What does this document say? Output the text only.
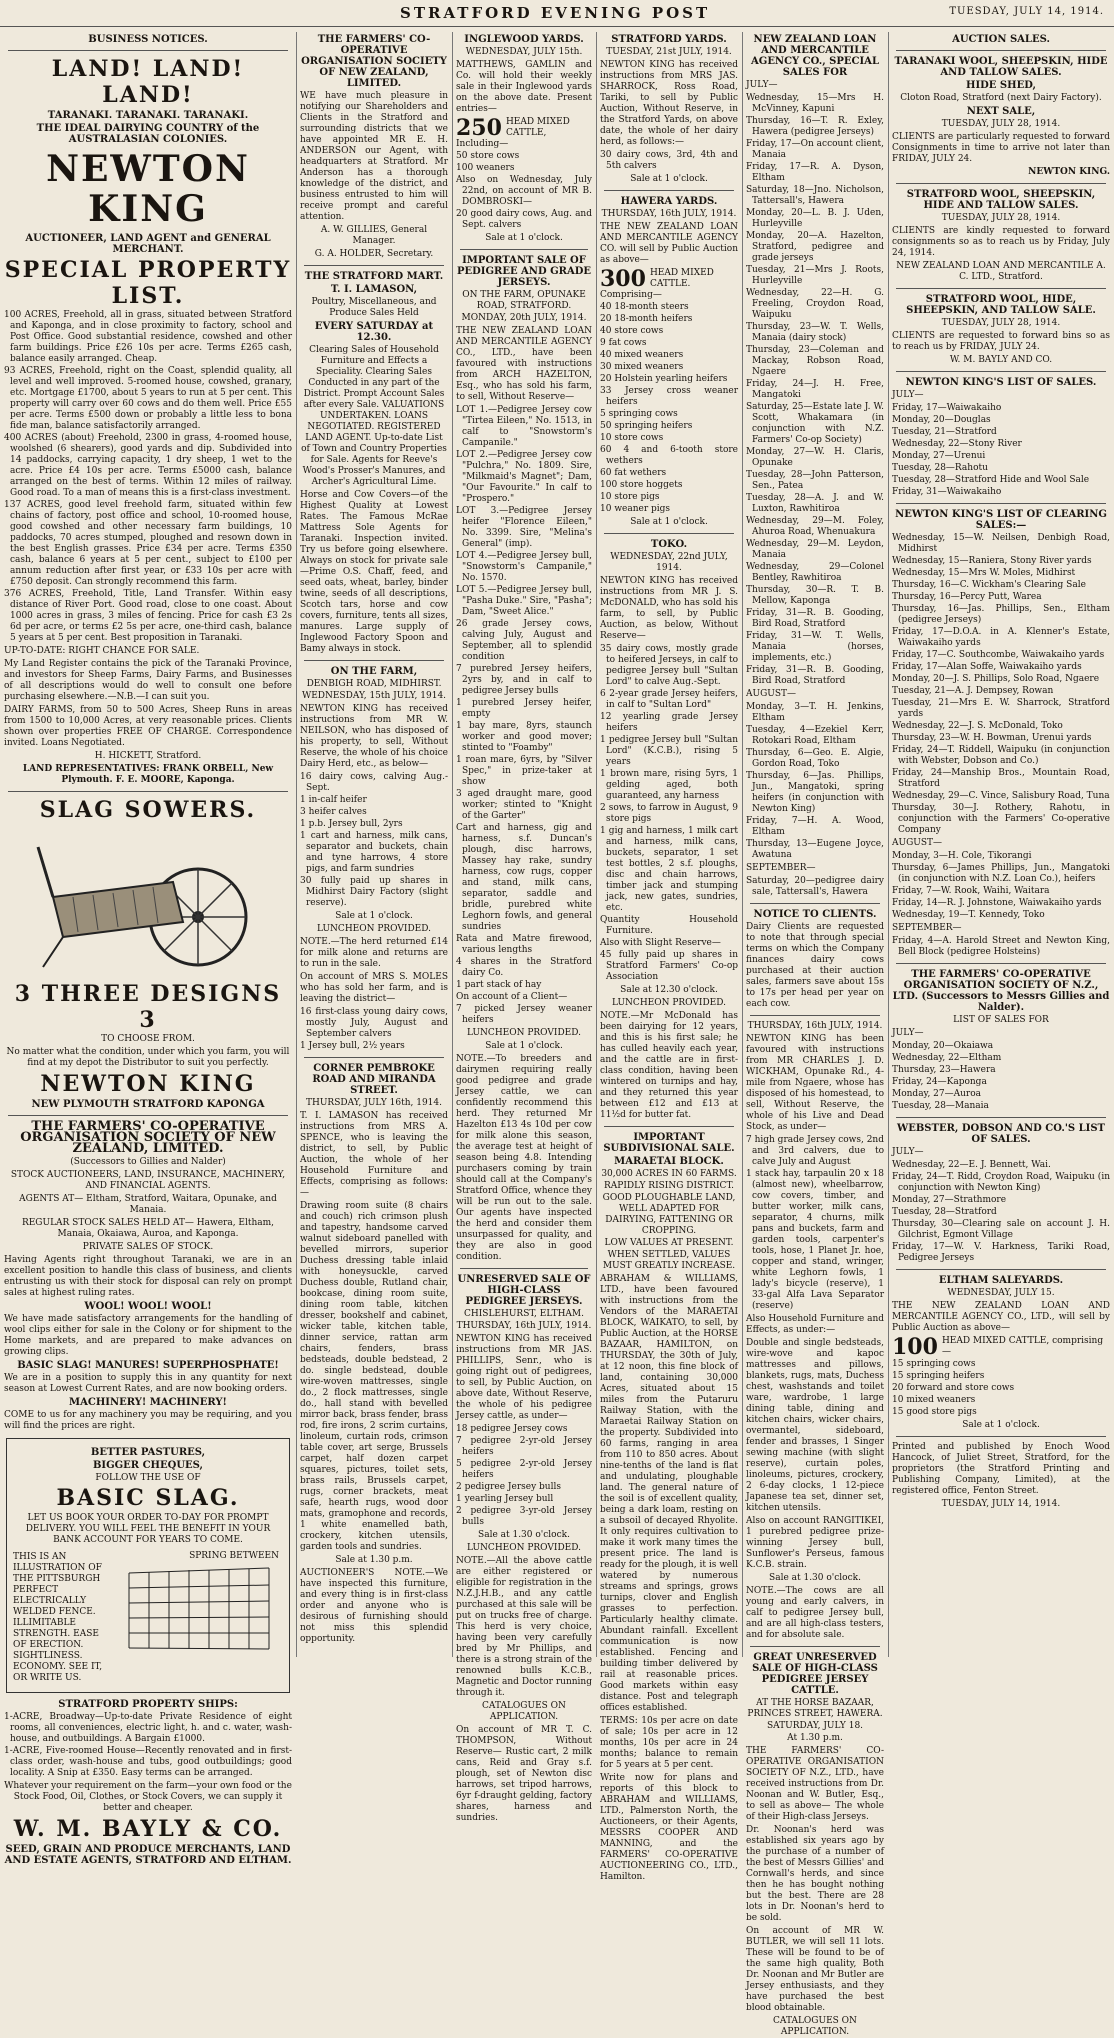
STRATFORD EVENING POST	TUESDAY, JULY 14, 1914.
BUSINESS NOTICES.
LAND! LAND! LAND!
TARANAKI. TARANAKI. TARANAKI.
THE IDEAL DAIRYING COUNTRY of the AUSTRALASIAN COLONIES.
NEWTON KING
AUCTIONEER, LAND AGENT and GENERAL MERCHANT.
SPECIAL PROPERTY LIST.

100 ACRES, Freehold, all in grass, situated between Stratford and Kaponga, and in close proximity to factory, school and Post Office. Good substantial residence, cowshed and other farm buildings. Price £26 10s per acre. Terms £265 cash, balance easily arranged. Cheap.

93 ACRES, Freehold, right on the Coast, splendid quality, all level and well improved. 5-roomed house, cowshed, granary, etc. Mortgage £1700, about 5 years to run at 5 per cent. This property will carry over 60 cows and do them well. Price £55 per acre. Terms £500 down or probably a little less to bona fide man, balance satisfactorily arranged.

400 ACRES (about) Freehold, 2300 in grass, 4-roomed house, woolshed (6 shearers), good yards and dip. Subdivided into 14 paddocks, carrying capacity, 1 dry sheep, 1 wet to the acre. Price £4 10s per acre. Terms £5000 cash, balance arranged on the best of terms. Within 12 miles of railway. Good road. To a man of means this is a first-class investment.

137 ACRES, good level freehold farm, situated within few chains of factory, post office and school, 10-roomed house, good cowshed and other necessary farm buildings, 10 paddocks, 70 acres stumped, ploughed and resown down in the best English grasses. Price £34 per acre. Terms £350 cash, balance 6 years at 5 per cent., subject to £100 per annum reduction after first year, or £33 10s per acre with £750 deposit. Can strongly recommend this farm.

376 ACRES, Freehold, Title, Land Transfer. Within easy distance of River Port. Good road, close to one coast. About 1000 acres in grass, 3 miles of fencing. Price for cash £3 2s 6d per acre, or terms £2 5s per acre, one-third cash, balance 5 years at 5 per cent. Best proposition in Taranaki.

UP-TO-DATE: RIGHT CHANCE FOR SALE.

My Land Register contains the pick of the Taranaki Province, and investors for Sheep Farms, Dairy Farms, and Businesses of all descriptions would do well to consult one before purchasing elsewhere.—N.B.—I can suit you.

DAIRY FARMS, from 50 to 500 Acres, Sheep Runs in areas from 1500 to 10,000 Acres, at very reasonable prices. Clients shown over properties FREE OF CHARGE. Correspondence invited. Loans Negotiated.

H. HICKETT, Stratford.

LAND REPRESENTATIVES: FRANK ORBELL, New Plymouth. F. E. MOORE, Kaponga.

SLAG SOWERS.
3 THREE DESIGNS 3
TO CHOOSE FROM.

No matter what the condition, under which you farm, you will find at my depot the Distributor to suit you perfectly.

NEWTON KING
NEW PLYMOUTH STRATFORD KAPONGA
THE FARMERS' CO-OPERATIVE ORGANISATION SOCIETY OF NEW ZEALAND, LIMITED.
(Successors to Gillies and Nalder)

STOCK AUCTIONEERS, LAND, INSURANCE, MACHINERY, AND FINANCIAL AGENTS.

AGENTS AT— Eltham, Stratford, Waitara, Opunake, and Manaia.

REGULAR STOCK SALES HELD AT— Hawera, Eltham, Manaia, Okaiawa, Auroa, and Kaponga.

PRIVATE SALES OF STOCK.

Having Agents right throughout Taranaki, we are in an excellent position to handle this class of business, and clients entrusting us with their stock for disposal can rely on prompt sales at highest ruling rates.

WOOL! WOOL! WOOL!

We have made satisfactory arrangements for the handling of wool clips either for sale in the Colony or for shipment to the Home markets, and are prepared to make advances on growing clips.

BASIC SLAG! MANURES! SUPERPHOSPHATE!

We are in a position to supply this in any quantity for next season at Lowest Current Rates, and are now booking orders.

MACHINERY! MACHINERY!

COME to us for any machinery you may be requiring, and you will find the prices are right.

BETTER PASTURES,
BIGGER CHEQUES,
FOLLOW THE USE OF
BASIC SLAG.

LET US BOOK YOUR ORDER TO-DAY FOR PROMPT DELIVERY. YOU WILL FEEL THE BENEFIT IN YOUR BANK ACCOUNT FOR YEARS TO COME.

THIS IS AN ILLUSTRATION OF THE PITTSBURGH PERFECT ELECTRICALLY WELDED FENCE. ILLIMITABLE STRENGTH. EASE OF ERECTION. SIGHTLINESS. ECONOMY. SEE IT, OR WRITE US.

SPRING BETWEEN
STRATFORD PROPERTY SHIPS:

1-ACRE, Broadway—Up-to-date Private Residence of eight rooms, all conveniences, electric light, h. and c. water, wash-house, and outbuildings. A Bargain £1000.

1-ACRE, Five-roomed House—Recently renovated and in first-class order, wash-house and tubs, good outbuildings; good locality. A Snip at £350. Easy terms can be arranged.

Whatever your requirement on the farm—your own food or the Stock Food, Oil, Clothes, or Stock Covers, we can supply it better and cheaper.

W. M. BAYLY & CO.
SEED, GRAIN AND PRODUCE MERCHANTS, LAND AND ESTATE AGENTS, STRATFORD AND ELTHAM.
THE FARMERS' CO-OPERATIVE ORGANISATION SOCIETY OF NEW ZEALAND, LIMITED.

WE have much pleasure in notifying our Shareholders and Clients in the Stratford and surrounding districts that we have appointed MR E. H. ANDERSON our Agent, with headquarters at Stratford. Mr Anderson has a thorough knowledge of the district, and business entrusted to him will receive prompt and careful attention.

A. W. GILLIES, General Manager.

G. A. HOLDER, Secretary.

THE STRATFORD MART.
T. I. LAMASON,
Poultry, Miscellaneous, and Produce Sales Held
EVERY SATURDAY at 12.30.

Clearing Sales of Household Furniture and Effects a Speciality. Clearing Sales Conducted in any part of the District. Prompt Account Sales after every Sale. VALUATIONS UNDERTAKEN. LOANS NEGOTIATED. REGISTERED LAND AGENT. Up-to-date List of Town and Country Properties for Sale. Agents for Reeve's Wood's Prosser's Manures, and Archer's Agricultural Lime.

Horse and Cow Covers—of the Highest Quality at Lowest Rates. The Famous McRae Mattress Sole Agents for Taranaki. Inspection invited. Try us before going elsewhere. Always on stock for private sale—Prime O.S. Chaff, feed, and seed oats, wheat, barley, binder twine, seeds of all descriptions, Scotch tars, horse and cow covers, furniture, tents all sizes, manures. Large supply of Inglewood Factory Spoon and Bamy always in stock.

ON THE FARM,
DENBIGH ROAD, MIDHIRST.
WEDNESDAY, 15th JULY, 1914.

NEWTON KING has received instructions from MR W. NEILSON, who has disposed of his property, to sell, Without Reserve, the whole of his choice Dairy Herd, etc., as below—

16 dairy cows, calving Aug.-Sept.

1 in-calf heifer

3 heifer calves

1 p.b. Jersey bull, 2yrs

1 cart and harness, milk cans, separator and buckets, chain and tyne harrows, 4 store pigs, and farm sundries

30 fully paid up shares in Midhirst Dairy Factory (slight reserve).

Sale at 1 o'clock.

LUNCHEON PROVIDED.

NOTE.—The herd returned £14 for milk alone and returns are to run in the sale.

On account of MRS S. MOLES who has sold her farm, and is leaving the district—

16 first-class young dairy cows, mostly July, August and September calvers

1 Jersey bull, 2½ years

CORNER PEMBROKE ROAD AND MIRANDA STREET.
THURSDAY, JULY 16th, 1914.

T. I. LAMASON has received instructions from MRS A. SPENCE, who is leaving the district, to sell, by Public Auction, the whole of her Household Furniture and Effects, comprising as follows:—

Drawing room suite (8 chairs and couch) rich crimson plush and tapestry, handsome carved walnut sideboard panelled with bevelled mirrors, superior Duchess dressing table inlaid with honeysuckle, carved Duchess double, Rutland chair, bookcase, dining room suite, dining room table, kitchen dresser, bookshelf and cabinet, wicker table, kitchen table, dinner service, rattan arm chairs, fenders, brass bedsteads, double bedstead, 2 do. single bedstead, double wire-woven mattresses, single do., 2 flock mattresses, single do., hall stand with bevelled mirror back, brass fender, brass rod, fire irons, 2 scrim curtains, linoleum, curtain rods, crimson table cover, art serge, Brussels carpet, half dozen carpet squares, pictures, toilet sets, brass rails, Brussels carpet, rugs, corner brackets, meat safe, hearth rugs, wood door mats, gramophone and records, 1 white enamelled bath, crockery, kitchen utensils, garden tools and sundries.

Sale at 1.30 p.m.

AUCTIONEER'S NOTE.—We have inspected this furniture, and every thing is in first-class order and anyone who is desirous of furnishing should not miss this splendid opportunity.

INGLEWOOD YARDS.
WEDNESDAY, JULY 15th.

MATTHEWS, GAMLIN and Co. will hold their weekly sale in their Inglewood yards on the above date. Present entries—

250 HEAD MIXED CATTLE, Including—

50 store cows

100 weaners

Also on Wednesday, July 22nd, on account of MR B. DOMBROSKI—

20 good dairy cows, Aug. and Sept. calvers

Sale at 1 o'clock.

IMPORTANT SALE OF PEDIGREE AND GRADE JERSEYS.
ON THE FARM, OPUNAKE ROAD, STRATFORD.
MONDAY, 20th JULY, 1914.

THE NEW ZEALAND LOAN AND MERCANTILE AGENCY CO., LTD., have been favoured with instructions from ARCH HAZELTON, Esq., who has sold his farm, to sell, Without Reserve—

LOT 1.—Pedigree Jersey cow "Tirtea Eileen," No. 1513, in calf to "Snowstorm's Campanile."

LOT 2.—Pedigree Jersey cow "Pulchra," No. 1809. Sire, "Milkmaid's Magnet"; Dam, "Our Favourite." In calf to "Prospero."

LOT 3.—Pedigree Jersey heifer "Florence Eileen," No. 3399. Sire, "Melina's General" (imp).

LOT 4.—Pedigree Jersey bull, "Snowstorm's Campanile," No. 1570.

LOT 5.—Pedigree Jersey bull, "Pasha Duke." Sire, "Pasha"; Dam, "Sweet Alice."

26 grade Jersey cows, calving July, August and September, all to splendid condition

7 purebred Jersey heifers, 2yrs by, and in calf to pedigree Jersey bulls

1 purebred Jersey heifer, empty

1 bay mare, 8yrs, staunch worker and good mover; stinted to "Foamby"

1 roan mare, 6yrs, by "Silver Spec," in prize-taker at show

3 aged draught mare, good worker; stinted to "Knight of the Garter"

Cart and harness, gig and harness, s.f. Duncan's plough, disc harrows, Massey hay rake, sundry harness, cow rugs, copper and stand, milk cans, separator, saddle and bridle, purebred white Leghorn fowls, and general sundries

Rata and Matre firewood, various lengths

4 shares in the Stratford dairy Co.

1 part stack of hay

On account of a Client—

7 picked Jersey weaner heifers

LUNCHEON PROVIDED.

Sale at 1 o'clock.

NOTE.—To breeders and dairymen requiring really good pedigree and grade Jersey cattle, we can confidently recommend this herd. They returned Mr Hazelton £13 4s 10d per cow for milk alone this season, the average test at height of season being 4.8. Intending purchasers coming by train should call at the Company's Stratford Office, whence they will be run out to the sale. Our agents have inspected the herd and consider them unsurpassed for quality, and they are also in good condition.

UNRESERVED SALE OF HIGH-CLASS PEDIGREE JERSEYS.
CHISLEHURST, ELTHAM.
THURSDAY, 16th JULY, 1914.

NEWTON KING has received instructions from MR JAS. PHILLIPS, Senr., who is going right out of pedigrees, to sell, by Public Auction, on above date, Without Reserve, the whole of his pedigree Jersey cattle, as under—

18 pedigree Jersey cows

7 pedigree 2-yr-old Jersey heifers

5 pedigree 2-yr-old Jersey heifers

2 pedigree Jersey bulls

1 yearling Jersey bull

2 pedigree 3-yr-old Jersey bulls

Sale at 1.30 o'clock.

LUNCHEON PROVIDED.

NOTE.—All the above cattle are either registered or eligible for registration in the N.Z.J.H.B., and any cattle purchased at this sale will be put on trucks free of charge. This herd is very choice, having been very carefully bred by Mr Phillips, and there is a strong strain of the renowned bulls K.C.B., Magnetic and Doctor running through it.

CATALOGUES ON APPLICATION.

On account of MR T. C. THOMPSON, Without Reserve— Rustic cart, 2 milk cans, Reid and Gray s.f. plough, set of Newton disc harrows, set tripod harrows, 6yr f-draught gelding, factory shares, harness and sundries.

STRATFORD YARDS.
TUESDAY, 21st JULY, 1914.

NEWTON KING has received instructions from MRS JAS. SHARROCK, Ross Road, Tariki, to sell by Public Auction, Without Reserve, in the Stratford Yards, on above date, the whole of her dairy herd, as follows:—

30 dairy cows, 3rd, 4th and 5th calvers

Sale at 1 o'clock.

HAWERA YARDS.
THURSDAY, 16th JULY, 1914.

THE NEW ZEALAND LOAN AND MERCANTILE AGENCY CO. will sell by Public Auction as above—

300 HEAD MIXED CATTLE. Comprising—

40 18-month steers

20 18-month heifers

40 store cows

9 fat cows

40 mixed weaners

30 mixed weaners

20 Holstein yearling heifers

33 Jersey cross weaner heifers

5 springing cows

50 springing heifers

10 store cows

60 4 and 6-tooth store wethers

60 fat wethers

100 store hoggets

10 store pigs

10 weaner pigs

Sale at 1 o'clock.

TOKO.
WEDNESDAY, 22nd JULY, 1914.

NEWTON KING has received instructions from MR J. S. McDONALD, who has sold his farm, to sell, by Public Auction, as below, Without Reserve—

35 dairy cows, mostly grade to heifered Jerseys, in calf to pedigree Jersey bull "Sultan Lord" to calve Aug.-Sept.

6 2-year grade Jersey heifers, in calf to "Sultan Lord"

12 yearling grade Jersey heifers

1 pedigree Jersey bull "Sultan Lord" (K.C.B.), rising 5 years

1 brown mare, rising 5yrs, 1 gelding aged, both guaranteed, any harness

2 sows, to farrow in August, 9 store pigs

1 gig and harness, 1 milk cart and harness, milk cans, buckets, separator, 1 set test bottles, 2 s.f. ploughs, disc and chain harrows, timber jack and stumping jack, new gates, sundries, etc.

Quantity Household Furniture.

Also with Slight Reserve—

45 fully paid up shares in Stratford Farmers' Co-op Association

Sale at 12.30 o'clock.

LUNCHEON PROVIDED.

NOTE.—Mr McDonald has been dairying for 12 years, and this is his first sale; he has culled heavily each year, and the cattle are in first-class condition, having been wintered on turnips and hay, and they returned this year between £12 and £13 at 11½d for butter fat.

IMPORTANT SUBDIVISIONAL SALE.
MARAETAI BLOCK.
30,000 ACRES IN 60 FARMS.
RAPIDLY RISING DISTRICT.
GOOD PLOUGHABLE LAND, WELL ADAPTED FOR DAIRYING, FATTENING OR CROPPING.
LOW VALUES AT PRESENT.
WHEN SETTLED, VALUES MUST GREATLY INCREASE.

ABRAHAM & WILLIAMS, LTD., have been favoured with instructions from the Vendors of the MARAETAI BLOCK, WAIKATO, to sell, by Public Auction, at the HORSE BAZAAR, HAMILTON, on THURSDAY, the 30th of July, at 12 noon, this fine block of land, containing 30,000 Acres, situated about 15 miles from the Putaruru Railway Station, with the Maraetai Railway Station on the property. Subdivided into 60 farms, ranging in area from 110 to 850 acres. About nine-tenths of the land is flat and undulating, ploughable land. The general nature of the soil is of excellent quality, being a dark loam, resting on a subsoil of decayed Rhyolite. It only requires cultivation to make it work many times the present price. The land is ready for the plough, it is well watered by numerous streams and springs, grows turnips, clover and English grasses to perfection. Particularly healthy climate. Abundant rainfall. Excellent communication is now established. Fencing and building timber delivered by rail at reasonable prices. Good markets within easy distance. Post and telegraph offices established.

TERMS: 10s per acre on date of sale; 10s per acre in 12 months, 10s per acre in 24 months; balance to remain for 5 years at 5 per cent.

Write now for plans and reports of this block to ABRAHAM and WILLIAMS, LTD., Palmerston North, the Auctioneers, or their Agents, MESSRS COOPER AND MANNING, and the FARMERS' CO-OPERATIVE AUCTIONEERING CO., LTD., Hamilton.

NEW ZEALAND LOAN AND MERCANTILE AGENCY CO., SPECIAL SALES FOR

JULY—

Wednesday, 15—Mrs H. McVinney, Kapuni

Thursday, 16—T. R. Exley, Hawera (pedigree Jerseys)

Friday, 17—On account client, Manaia

Friday, 17—R. A. Dyson, Eltham

Saturday, 18—Jno. Nicholson, Tattersall's, Hawera

Monday, 20—L. B. J. Uden, Hurleyville

Monday, 20—A. Hazelton, Stratford, pedigree and grade jerseys

Tuesday, 21—Mrs J. Roots, Hurleyville

Wednesday, 22—H. G. Freeling, Croydon Road, Waipuku

Thursday, 23—W. T. Wells, Manaia (dairy stock)

Thursday, 23—Coleman and Mackay, Robson Road, Ngaere

Friday, 24—J. H. Free, Mangatoki

Saturday, 25—Estate late J. W. Scott, Whakamara (in conjunction with N.Z. Farmers' Co-op Society)

Monday, 27—W. H. Claris, Opunake

Tuesday, 28—John Patterson, Sen., Patea

Tuesday, 28—A. J. and W. Luxton, Rawhitiroa

Wednesday, 29—M. Foley, Ahuroa Road, Whenuakura

Wednesday, 29—M. Leydon, Manaia

Wednesday, 29—Colonel Bentley, Rawhitiroa

Thursday, 30—R. T. B. Mellow, Kaponga

Friday, 31—R. B. Gooding, Bird Road, Stratford

Friday, 31—W. T. Wells, Manaia (horses, implements, etc.)

Friday, 31—R. B. Gooding, Bird Road, Stratford

AUGUST—

Monday, 3—T. H. Jenkins, Eltham

Tuesday, 4—Ezekiel Kerr, Rotokari Road, Eltham

Thursday, 6—Geo. E. Algie, Gordon Road, Toko

Thursday, 6—Jas. Phillips, Jun., Mangatoki, spring heifers (in conjunction with Newton King)

Friday, 7—H. A. Wood, Eltham

Thursday, 13—Eugene Joyce, Awatuna

SEPTEMBER—

Saturday, 20—pedigree dairy sale, Tattersall's, Hawera

NOTICE TO CLIENTS.

Dairy Clients are requested to note that through special terms on which the Company finances dairy cows purchased at their auction sales, farmers save about 15s to 17s per head per year on each cow.

THURSDAY, 16th JULY, 1914.

NEWTON KING has been favoured with instructions from MR CHARLES J. D. WICKHAM, Opunake Rd., 4-mile from Ngaere, whose has disposed of his homestead, to sell, Without Reserve, the whole of his Live and Dead Stock, as under—

7 high grade Jersey cows, 2nd and 3rd calvers, due to calve July and August

1 stack hay, tarpaulin 20 x 18 (almost new), wheelbarrow, cow covers, timber, and butter worker, milk cans, separator, 4 churns, milk pans and buckets, farm and garden tools, carpenter's tools, hose, 1 Planet Jr. hoe, copper and stand, wringer, white Leghorn fowls, 1 lady's bicycle (reserve), 1 33-gal Alfa Lava Separator (reserve)

Also Household Furniture and Effects, as under:—

Double and single bedsteads, wire-wove and kapoc mattresses and pillows, blankets, rugs, mats, Duchess chest, washstands and toilet ware, wardrobe, 1 large dining table, dining and kitchen chairs, wicker chairs, overmantel, sideboard, fender and brasses, 1 Singer sewing machine (with slight reserve), curtain poles, linoleums, pictures, crockery, 2 6-day clocks, 1 12-piece Japanese tea set, dinner set, kitchen utensils.

Also on account RANGITIKEI, 1 purebred pedigree prize-winning Jersey bull, Sunflower's Perseus, famous K.C.B. strain.

Sale at 1.30 o'clock.

NOTE.—The cows are all young and early calvers, in calf to pedigree Jersey bull, and are all high-class testers, and for absolute sale.

GREAT UNRESERVED SALE OF HIGH-CLASS PEDIGREE JERSEY CATTLE.
AT THE HORSE BAZAAR, PRINCES STREET, HAWERA.
SATURDAY, JULY 18.
At 1.30 p.m.

THE FARMERS' CO-OPERATIVE ORGANISATION SOCIETY OF N.Z., LTD., have received instructions from Dr. Noonan and W. Butler, Esq., to sell as above— The whole of their High-class Jerseys.

Dr. Noonan's herd was established six years ago by the purchase of a number of the best of Messrs Gillies' and Cornwall's herds, and since then he has bought nothing but the best. There are 28 lots in Dr. Noonan's herd to be sold.

On account of MR W. BUTLER, we will sell 11 lots. These will be found to be of the same high quality, Both Dr. Noonan and Mr Butler are Jersey enthusiasts, and they have purchased the best blood obtainable.

CATALOGUES ON APPLICATION.

AUCTION SALES.
TARANAKI WOOL, SHEEPSKIN, HIDE AND TALLOW SALES.
HIDE SHED,
Cloton Road, Stratford (next Dairy Factory).
NEXT SALE,
TUESDAY, JULY 28, 1914.

CLIENTS are particularly requested to forward Consignments in time to arrive not later than FRIDAY, JULY 24.

NEWTON KING.

STRATFORD WOOL, SHEEPSKIN, HIDE AND TALLOW SALES.
TUESDAY, JULY 28, 1914.

CLIENTS are kindly requested to forward consignments so as to reach us by Friday, July 24, 1914.

NEW ZEALAND LOAN AND MERCANTILE A. C. LTD., Stratford.

STRATFORD WOOL, HIDE, SHEEPSKIN, AND TALLOW SALE.
TUESDAY, JULY 28, 1914.

CLIENTS are requested to forward bins so as to reach us by FRIDAY, JULY 24.

W. M. BAYLY AND CO.

NEWTON KING'S LIST OF SALES.

JULY—

Friday, 17—Waiwakaiho

Monday, 20—Douglas

Tuesday, 21—Stratford

Wednesday, 22—Stony River

Monday, 27—Urenui

Tuesday, 28—Rahotu

Tuesday, 28—Stratford Hide and Wool Sale

Friday, 31—Waiwakaiho

NEWTON KING'S LIST OF CLEARING SALES:—

Wednesday, 15—W. Neilsen, Denbigh Road, Midhirst

Wednesday, 15—Raniera, Stony River yards

Wednesday, 15—Mrs W. Moles, Midhirst

Thursday, 16—C. Wickham's Clearing Sale

Thursday, 16—Percy Putt, Warea

Thursday, 16—Jas. Phillips, Sen., Eltham (pedigree Jerseys)

Friday, 17—D.O.A. in A. Klenner's Estate, Waiwakaiho yards

Friday, 17—C. Southcombe, Waiwakaiho yards

Friday, 17—Alan Soffe, Waiwakaiho yards

Monday, 20—J. S. Phillips, Solo Road, Ngaere

Tuesday, 21—A. J. Dempsey, Rowan

Tuesday, 21—Mrs E. W. Sharrock, Stratford yards

Wednesday, 22—J. S. McDonald, Toko

Thursday, 23—W. H. Bowman, Urenui yards

Friday, 24—T. Riddell, Waipuku (in conjunction with Webster, Dobson and Co.)

Friday, 24—Manship Bros., Mountain Road, Stratford

Wednesday, 29—C. Vince, Salisbury Road, Tuna

Thursday, 30—J. Rothery, Rahotu, in conjunction with the Farmers' Co-operative Company

AUGUST—

Monday, 3—H. Cole, Tikorangi

Thursday, 6—James Phillips, Jun., Mangatoki (in conjunction with N.Z. Loan Co.), heifers

Friday, 7—W. Rook, Waihi, Waitara

Friday, 14—R. J. Johnstone, Waiwakaiho yards

Wednesday, 19—T. Kennedy, Toko

SEPTEMBER—

Friday, 4—A. Harold Street and Newton King, Bell Block (pedigree Holsteins)

THE FARMERS' CO-OPERATIVE ORGANISATION SOCIETY OF N.Z., LTD. (Successors to Messrs Gillies and Nalder).
LIST OF SALES FOR

JULY—

Monday, 20—Okaiawa

Wednesday, 22—Eltham

Thursday, 23—Hawera

Friday, 24—Kaponga

Monday, 27—Auroa

Tuesday, 28—Manaia

WEBSTER, DOBSON AND CO.'S LIST OF SALES.

JULY—

Wednesday, 22—E. J. Bennett, Wai.

Friday, 24—T. Ridd, Croydon Road, Waipuku (in conjunction with Newton King)

Monday, 27—Strathmore

Tuesday, 28—Stratford

Thursday, 30—Clearing sale on account J. H. Gilchrist, Egmont Village

Friday, 17—W. V. Harkness, Tariki Road, Pedigree Jerseys

ELTHAM SALEYARDS.
WEDNESDAY, JULY 15.

THE NEW ZEALAND LOAN AND MERCANTILE AGENCY CO., LTD., will sell by Public Auction as above—

100 HEAD MIXED CATTLE, comprising—

15 springing cows

15 springing heifers

20 forward and store cows

10 mixed weaners

15 good store pigs

Sale at 1 o'clock.

Printed and published by Enoch Wood Hancock, of Juliet Street, Stratford, for the proprietors (the Stratford Printing and Publishing Company, Limited), at the registered office, Fenton Street.

TUESDAY, JULY 14, 1914.
